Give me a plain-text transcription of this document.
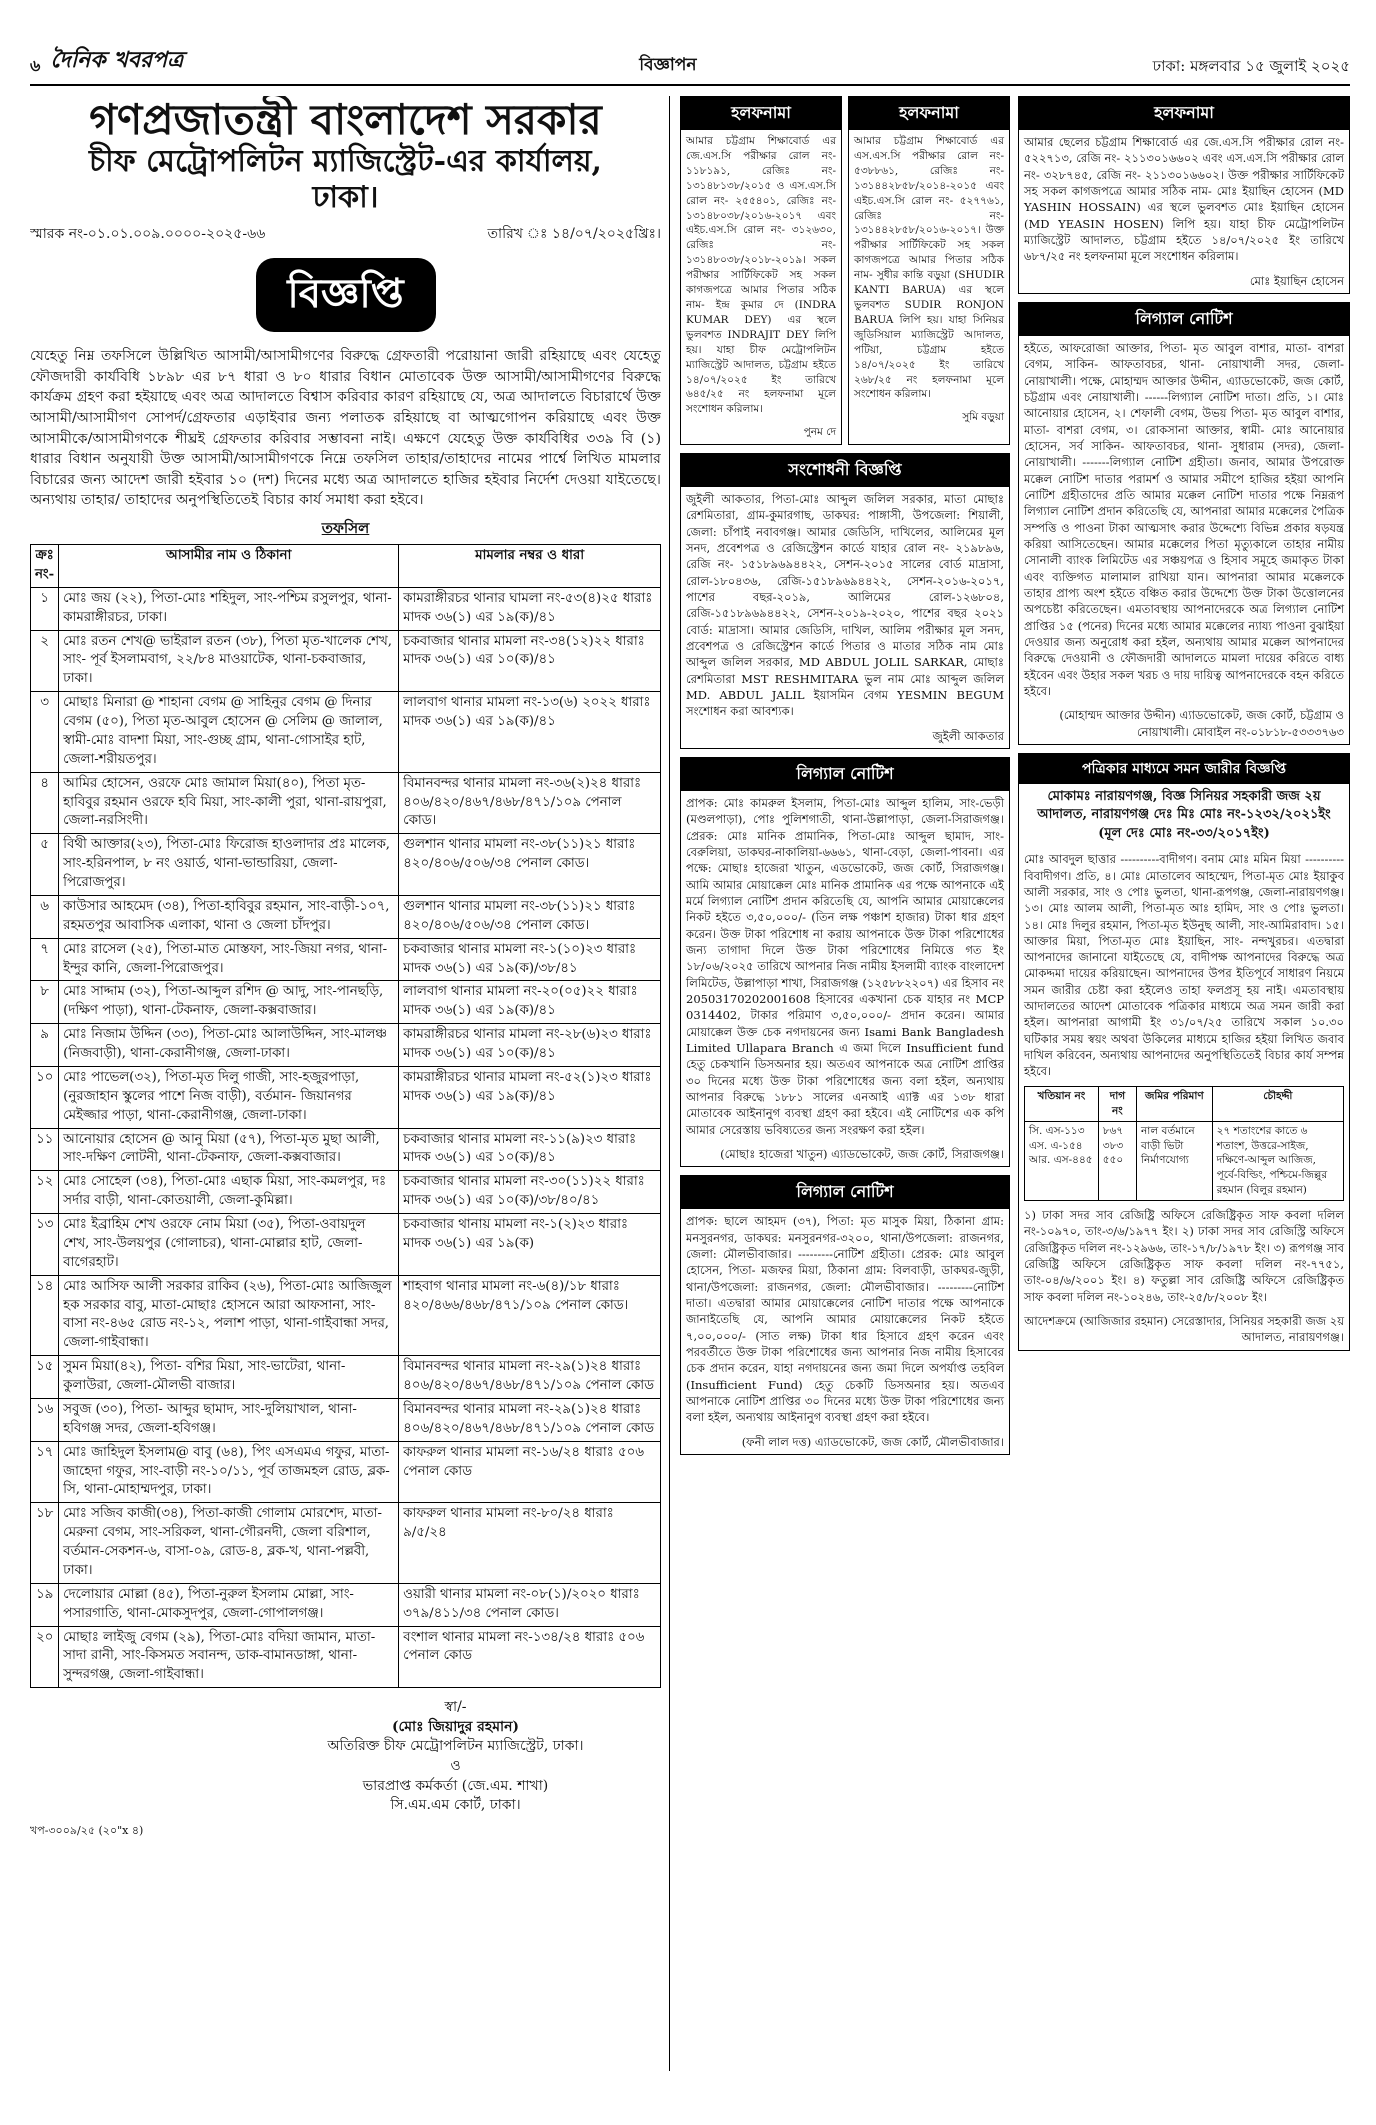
৬ দৈনিক খবরপত্র	বিজ্ঞাপন	ঢাকা: মঙ্গলবার ১৫ জুলাই ২০২৫
গণপ্রজাতন্ত্রী বাংলাদেশ সরকার
চীফ মেট্রোপলিটন ম্যাজিস্ট্রেট-এর কার্যালয়,
ঢাকা।
স্মারক নং-০১.০১.০০৯.০০০০-২০২৫-৬৬	তারিখ ঃ ১৪/০৭/২০২৫খ্রিঃ।
বিজ্ঞপ্তি
যেহেতু নিম্ন তফসিলে উল্লিখিত আসামী/আসামীগণের বিরুদ্ধে গ্রেফতারী পরোয়ানা জারী রহিয়াছে এবং যেহেতু ফৌজদারী কার্যবিধি ১৮৯৮ এর ৮৭ ধারা ও ৮০ ধারার বিধান মোতাবেক উক্ত আসামী/আসামীগণের বিরুদ্ধে কার্যক্রম গ্রহণ করা হইয়াছে এবং অত্র আদালতে বিশ্বাস করিবার কারণ রহিয়াছে যে, অত্র আদালতে বিচারার্থে উক্ত আসামী/আসামীগণ সোপর্দ/গ্রেফতার এড়াইবার জন্য পলাতক রহিয়াছে বা আত্মগোপন করিয়াছে এবং উক্ত আসামীকে/আসামীগণকে শীঘ্রই গ্রেফতার করিবার সম্ভাবনা নাই। এক্ষণে যেহেতু উক্ত কার্যবিধির ৩৩৯ বি (১) ধারার বিধান অনুযায়ী উক্ত আসামী/আসামীগণকে নিম্নে তফসিল তাহার/তাহাদের নামের পার্শ্বে লিখিত মামলার বিচারের জন্য আদেশ জারী হইবার ১০ (দশ) দিনের মধ্যে অত্র আদালতে হাজির হইবার নির্দেশ দেওয়া যাইতেছে। অন্যথায় তাহার/ তাহাদের অনুপস্থিতিতেই বিচার কার্য সমাধা করা হইবে।
তফসিল
ক্রঃ নং-	আসামীর নাম ও ঠিকানা	মামলার নম্বর ও ধারা
১	মোঃ জয় (২২), পিতা-মোঃ শহিদুল, সাং-পশ্চিম রসুলপুর, থানা-কামরাঙ্গীরচর, ঢাকা।	কামরাঙ্গীরচর থানার ঘামলা নং-৫৩(৪)২৫ ধারাঃ মাদক ৩৬(১) এর ১৯(ক)/৪১
২	মোঃ রতন শেখ@ ভাইরাল রতন (৩৮), পিতা মৃত-খালেক শেখ, সাং- পূর্ব ইসলামবাগ, ২২/৮৪ মাওয়াটেক, থানা-চকবাজার, ঢাকা।	চকবাজার থানার মামলা নং-৩৪(১২)২২ ধারাঃ মাদক ৩৬(১) এর ১০(ক)/৪১
৩	মোছাঃ মিনারা @ শাহানা বেগম @ সাহিনুর বেগম @ দিনার বেগম (৫০), পিতা মৃত-আবুল হোসেন @ সেলিম @ জালাল, স্বামী-মোঃ বাদশা মিয়া, সাং-গুচ্ছ গ্রাম, থানা-গোসাইর হাট, জেলা-শরীয়তপুর।	লালবাগ থানার মামলা নং-১৩(৬) ২০২২ ধারাঃ মাদক ৩৬(১) এর ১৯(ক)/৪১
৪	আমির হোসেন, ওরফে মোঃ জামাল মিয়া(৪০), পিতা মৃত-হাবিবুর রহমান ওরফে হবি মিয়া, সাং-কালী পুরা, থানা-রায়পুরা, জেলা-নরসিংদী।	বিমানবন্দর থানার মামলা নং-৩৬(২)২৪ ধারাঃ ৪০৬/৪২০/৪৬৭/৪৬৮/৪৭১/১০৯ পেনাল কোড।
৫	বিথী আক্তার(২৩), পিতা-মোঃ ফিরোজ হাওলাদার প্রঃ মালেক, সাং-হরিনপাল, ৮ নং ওয়ার্ড, থানা-ভান্ডারিয়া, জেলা-পিরোজপুর।	গুলশান থানার মামলা নং-৩৮(১১)২১ ধারাঃ ৪২০/৪০৬/৫০৬/৩৪ পেনাল কোড।
৬	কাউসার আহমেদ (৩৪), পিতা-হাবিবুর রহমান, সাং-বাড়ী-১০৭, রহমতপুর আবাসিক এলাকা, থানা ও জেলা চাঁদপুর।	গুলশান থানার মামলা নং-৩৮(১১)২১ ধারাঃ ৪২০/৪০৬/৫০৬/৩৪ পেনাল কোড।
৭	মোঃ রাসেল (২৫), পিতা-মাত মোস্তফা, সাং-জিয়া নগর, থানা-ইন্দুর কানি, জেলা-পিরোজপুর।	চকবাজার থানার মামলা নং-১(১০)২৩ ধারাঃ মাদক ৩৬(১) এর ১৯(ক)/৩৮/৪১
৮	মোঃ সাদ্দাম (৩২), পিতা-আব্দুল রশিদ @ আদু, সাং-পানছড়ি, (দক্ষিণ পাড়া), থানা-টেকনাফ, জেলা-কক্সবাজার।	লালবাগ থানার মামলা নং-২০(০৫)২২ ধারাঃ মাদক ৩৬(১) এর ১৯(ক)/৪১
৯	মোঃ নিজাম উদ্দিন (৩৩), পিতা-মোঃ আলাউদ্দিন, সাং-মালঞ্চ (নিজবাড়ী), থানা-কেরানীগঞ্জ, জেলা-ঢাকা।	কামরাঙ্গীরচর থানার মামলা নং-২৮(৬)২৩ ধারাঃ মাদক ৩৬(১) এর ১০(ক)/৪১
১০	মোঃ পাভেল(৩২), পিতা-মৃত দিলু গাজী, সাং-হজুরপাড়া, (নুরজাহান স্কুলের পাশে নিজ বাড়ী), বর্তমান- জিয়ানগর মেইজ্জার পাড়া, থানা-কেরানীগঞ্জ, জেলা-ঢাকা।	কামরাঙ্গীরচর থানার মামলা নং-৫২(১)২৩ ধারাঃ মাদক ৩৬(১) এর ১৯(ক)/৪১
১১	আনোয়ার হোসেন @ আনু মিয়া (৫৭), পিতা-মৃত মুছা আলী, সাং-দক্ষিণ লোটনী, থানা-টেকনাফ, জেলা-কক্সবাজার।	চকবাজার থানার মামলা নং-১১(৯)২৩ ধারাঃ মাদক ৩৬(১) এর ১০(ক)/৪১
১২	মোঃ সোহেল (৩৪), পিতা-মোঃ এছাক মিয়া, সাং-কমলপুর, দঃ সর্দার বাড়ী, থানা-কোতয়ালী, জেলা-কুমিল্লা।	চকবাজার থানার মামলা নং-৩০(১১)২২ ধারাঃ মাদক ৩৬(১) এর ১০(ক)/৩৮/৪০/৪১
১৩	মোঃ ইব্রাহিম শেখ ওরফে নোম মিয়া (৩৫), পিতা-ওবায়দুল শেখ, সাং-উলয়পুর (গোলাচর), থানা-মোল্লার হাট, জেলা-বাগেরহাট।	চকবাজার থানায় মামলা নং-১(২)২৩ ধারাঃ মাদক ৩৬(১) এর ১৯(ক)
১৪	মোঃ আসিফ আলী সরকার রাকিব (২৬), পিতা-মোঃ আজিজুল হক সরকার বাবু, মাতা-মোছাঃ হোসনে আরা আফসানা, সাং-বাসা নং-৪৬৫ রোড নং-১২, পলাশ পাড়া, থানা-গাইবান্ধা সদর, জেলা-গাইবান্ধা।	শাহবাগ থানার মামলা নং-৬(৪)/১৮ ধারাঃ ৪২০/৪৬৬/৪৬৮/৪৭১/১০৯ পেনাল কোড।
১৫	সুমন মিয়া(৪২), পিতা- বশির মিয়া, সাং-ভাটেরা, থানা-কুলাউরা, জেলা-মৌলভী বাজার।	বিমানবন্দর থানার মামলা নং-২৯(১)২৪ ধারাঃ ৪০৬/৪২০/৪৬৭/৪৬৮/৪৭১/১০৯ পেনাল কোড
১৬	সবুজ (৩০), পিতা- আব্দুর ছামাদ, সাং-দুলিয়াখাল, থানা- হবিগঞ্জ সদর, জেলা-হবিগঞ্জ।	বিমানবন্দর থানার মামলা নং-২৯(১)২৪ ধারাঃ ৪০৬/৪২০/৪৬৭/৪৬৮/৪৭১/১০৯ পেনাল কোড
১৭	মোঃ জাহিদুল ইসলাম@ বাবু (৬৪), পিং এসএমএ গফুর, মাতা-জাহেদা গফুর, সাং-বাড়ী নং-১০/১১, পূর্ব তাজমহল রোড, ব্লক-সি, থানা-মোহাম্মদপুর, ঢাকা।	কাফরুল থানার মামলা নং-১৬/২৪ ধারাঃ ৫০৬ পেনাল কোড
১৮	মোঃ সজিব কাজী(৩৪), পিতা-কাজী গোলাম মোরশেদ, মাতা-মেরুনা বেগম, সাং-সরিকল, থানা-গৌরনদী, জেলা বরিশাল, বর্তমান-সেকশন-৬, বাসা-০৯, রোড-৪, ব্লক-খ, থানা-পল্লবী, ঢাকা।	কাফরুল থানার মামলা নং-৮০/২৪ ধারাঃ ৯/৫/২৪
১৯	দেলোয়ার মোল্লা (৪৫), পিতা-নুরুল ইসলাম মোল্লা, সাং-পসারগাতি, থানা-মোকসুদপুর, জেলা-গোপালগঞ্জ।	ওয়ারী থানার মামলা নং-০৮(১)/২০২০ ধারাঃ ৩৭৯/৪১১/৩৪ পেনাল কোড।
২০	মোছাঃ লাইজু বেগম (২৯), পিতা-মোঃ বদিয়া জামান, মাতা-সাদা রানী, সাং-কিসমত সবানন্দ, ডাক-বামানডাঙ্গা, থানা-সুন্দরগঞ্জ, জেলা-গাইবান্ধা।	বংশাল থানার মামলা নং-১৩৪/২৪ ধারাঃ ৫০৬ পেনাল কোড
স্বা/-
(মোঃ জিয়াদুর রহমান)
অতিরিক্ত চীফ মেট্রোপলিটন ম্যাজিস্ট্রেট, ঢাকা।
ও
ভারপ্রাপ্ত কর্মকর্তা (জে.এম. শাখা)
সি.এম.এম কোর্ট, ঢাকা।
খপ-৩০০৯/২৫ (২০"x ৪)
হলফনামা
আমার চট্টগ্রাম শিক্ষাবোর্ড এর জে.এস.সি পরীক্ষার রোল নং- ১১৮১৯১, রেজিঃ নং- ১৩১৪৮১৩৮/২০১৫ ও এস.এস.সি রোল নং- ২৫৫৪০১, রেজিঃ নং- ১৩১৪৮০৩৮/২০১৬-২০১৭ এবং এইচ.এস.সি রোল নং- ৩১২৬৩০, রেজিঃ নং- ১৩১৪৮০৩৮/২০১৮-২০১৯। সকল পরীক্ষার সার্টিফিকেট সহ সকল কাগজপত্রে আমার পিতার সঠিক নাম- ইন্দ্র কুমার দে (INDRA KUMAR DEY) এর স্থলে ভুলবশত INDRAJIT DEY লিপি হয়। যাহা চীফ মেট্রোপলিটন ম্যাজিস্ট্রেট আদালত, চট্টগ্রাম হইতে ১৪/০৭/২০২৫ ইং তারিখে ৬৪৫/২৫ নং হলফনামা মূলে সংশোধন করিলাম।
পুনম দে
হলফনামা
আমার চট্টগ্রাম শিক্ষাবোর্ড এর এস.এস.সি পরীক্ষার রোল নং- ৫৩৮৮৬১, রেজিঃ নং- ১৩১৪৪২৮৫৮/২০১৪-২০১৫ এবং এইচ.এস.সি রোল নং- ৫২৭৭৬১, রেজিঃ নং- ১৩১৪৪২৮৫৮/২০১৬-২০১৭। উক্ত পরীক্ষার সার্টিফিকেট সহ সকল কাগজপত্রে আমার পিতার সঠিক নাম- সুধীর কান্তি বড়ুয়া (SHUDIR KANTI BARUA) এর স্থলে ভুলবশত SUDIR RONJON BARUA লিপি হয়। যাহা সিনিয়র জুডিসিয়াল ম্যাজিস্ট্রেট আদালত, পটিয়া, চট্টগ্রাম হইতে ১৪/০৭/২০২৫ ইং তারিখে ২৬৮/২৫ নং হলফনামা মূলে সংশোধন করিলাম।
সুমি বড়ুয়া
সংশোধনী বিজ্ঞপ্তি
জুইলী আকতার, পিতা-মোঃ আব্দুল জলিল সরকার, মাতা মোছাঃ রেশমিতারা, গ্রাম-কুমারগাছ, ডাকঘর: পাঙ্গাসী, উপজেলা: শিয়ালী, জেলা: চাঁপাই নবাবগঞ্জ। আমার জেডিসি, দাখিলের, আলিমের মূল সনদ, প্রবেশপত্র ও রেজিস্ট্রেশন কার্ডে যাহার রোল নং- ২১৯৮৯৬, রেজি নং- ১৫১৮৯৬৯৪৪২২, সেশন-২০১৫ সালের বোর্ড মাদ্রাসা, রোল-১৮০৪৩৬, রেজি-১৫১৮৯৬৯৪৪২২, সেশন-২০১৬-২০১৭, পাশের বছর-২০১৯, আলিমের রোল-১২৬৮০৪, রেজি-১৫১৮৯৬৯৪৪২২, সেশন-২০১৯-২০২০, পাশের বছর ২০২১ বোর্ড: মাদ্রাসা। আমার জেডিসি, দাখিল, আলিম পরীক্ষার মূল সনদ, প্রবেশপত্র ও রেজিস্ট্রেশন কার্ডে পিতার ও মাতার সঠিক নাম মোঃ আব্দুল জলিল সরকার, MD ABDUL JOLIL SARKAR, মোছাঃ রেশমিতারা MST RESHMITARA ভুল নাম মোঃ আব্দুল জলিল MD. ABDUL JALIL ইয়াসমিন বেগম YESMIN BEGUM সংশোধন করা আবশ্যক।
জুইলী আকতার
লিগ্যাল নোটিশ
প্রাপক: মোঃ কামরুল ইসলাম, পিতা-মোঃ আব্দুল হালিম, সাং-ভেড়ী (মণ্ডলপাড়া), পোঃ পুলিশগাতী, থানা-উল্লাপাড়া, জেলা-সিরাজগঞ্জ। প্রেরক: মোঃ মানিক প্রামানিক, পিতা-মোঃ আব্দুল ছামাদ, সাং-বেরুলিয়া, ডাকঘর-নাকালিয়া-৬৬৬১, থানা-বেড়া, জেলা-পাবনা। এর পক্ষে: মোছাঃ হাজেরা খাতুন, এডভোকেট, জজ কোর্ট, সিরাজগঞ্জ। আমি আমার মোয়াক্কেল মোঃ মানিক প্রামানিক এর পক্ষে আপনাকে এই মর্মে লিগ্যাল নোটিশ প্রদান করিতেছি যে, আপনি আমার মোয়াক্কেলের নিকট হইতে ৩,৫০,০০০/- (তিন লক্ষ পঞ্চাশ হাজার) টাকা ধার গ্রহণ করেন। উক্ত টাকা পরিশোধ না করায় আপনাকে উক্ত টাকা পরিশোধের জন্য তাগাদা দিলে উক্ত টাকা পরিশোধের নিমিত্তে গত ইং ১৮/০৬/২০২৫ তারিখে আপনার নিজ নামীয় ইসলামী ব্যাংক বাংলাদেশ লিমিটেড, উল্লাপাড়া শাখা, সিরাজগঞ্জ (১২৫৮৮২২০৭) এর হিসাব নং 20503170202001608 হিসাবের একখানা চেক যাহার নং MCP 0314402, টাকার পরিমাণ ৩,৫০,০০০/- প্রদান করেন। আমার মোয়াক্কেল উক্ত চেক নগদায়নের জন্য Isami Bank Bangladesh Limited Ullapara Branch এ জমা দিলে Insufficient fund হেতু চেকখানি ডিসঅনার হয়। অতএব আপনাকে অত্র নোটিশ প্রাপ্তির ৩০ দিনের মধ্যে উক্ত টাকা পরিশোধের জন্য বলা হইল, অন্যথায় আপনার বিরুদ্ধে ১৮৮১ সালের এনআই এ্যাক্ট এর ১৩৮ ধারা মোতাবেক আইনানুগ ব্যবস্থা গ্রহণ করা হইবে। এই নোটিশের এক কপি আমার সেরেস্তায় ভবিষ্যতের জন্য সংরক্ষণ করা হইল।
(মোছাঃ হাজেরা খাতুন) এ্যাডভোকেট, জজ কোর্ট, সিরাজগঞ্জ।
লিগ্যাল নোটিশ
প্রাপক: ছালে আহমদ (৩৭), পিতা: মৃত মাসুক মিয়া, ঠিকানা গ্রাম: মনসুরনগর, ডাকঘর: মনসুরনগর-৩২০০, থানা/উপজেলা: রাজনগর, জেলা: মৌলভীবাজার। ---------নোটিশ গ্রহীতা। প্রেরক: মোঃ আবুল হোসেন, পিতা- মজফর মিয়া, ঠিকানা গ্রাম: বিলবাড়ী, ডাকঘর-জুড়ী, থানা/উপজেলা: রাজনগর, জেলা: মৌলভীবাজার। ---------নোটিশ দাতা। এতদ্বারা আমার মোয়াক্কেলের নোটিশ দাতার পক্ষে আপনাকে জানাইতেছি যে, আপনি আমার মোয়াক্কেলের নিকট হইতে ৭,০০,০০০/- (সাত লক্ষ) টাকা ধার হিসাবে গ্রহণ করেন এবং পরবর্তীতে উক্ত টাকা পরিশোধের জন্য আপনার নিজ নামীয় হিসাবের চেক প্রদান করেন, যাহা নগদায়নের জন্য জমা দিলে অপর্যাপ্ত তহবিল (Insufficient Fund) হেতু চেকটি ডিসঅনার হয়। অতএব আপনাকে নোটিশ প্রাপ্তির ৩০ দিনের মধ্যে উক্ত টাকা পরিশোধের জন্য বলা হইল, অন্যথায় আইনানুগ ব্যবস্থা গ্রহণ করা হইবে।
(ফনী লাল দত্ত) এ্যাডভোকেট, জজ কোর্ট, মৌলভীবাজার।
হলফনামা
আমার ছেলের চট্টগ্রাম শিক্ষাবোর্ড এর জে.এস.সি পরীক্ষার রোল নং- ৫২২৭১৩, রেজি নং- ২১১৩০১৬৬০২ এবং এস.এস.সি পরীক্ষার রোল নং- ৩২৮৭৪৫, রেজি নং- ২১১৩০১৬৬০২। উক্ত পরীক্ষার সার্টিফিকেট সহ সকল কাগজপত্রে আমার সঠিক নাম- মোঃ ইয়াছিন হোসেন (MD YASHIN HOSSAIN) এর স্থলে ভুলবশত মোঃ ইয়াছিন হোসেন (MD YEASIN HOSEN) লিপি হয়। যাহা চীফ মেট্রোপলিটন ম্যাজিস্ট্রেট আদালত, চট্টগ্রাম হইতে ১৪/০৭/২০২৫ ইং তারিখে ৬৮৭/২৫ নং হলফনামা মূলে সংশোধন করিলাম।
মোঃ ইয়াছিন হোসেন
লিগ্যাল নোটিশ
হইতে, আফরোজা আক্তার, পিতা- মৃত আবুল বাশার, মাতা- বাশরা বেগম, সাকিন- আফতাবচর, থানা- নোয়াখালী সদর, জেলা- নোয়াখালী। পক্ষে, মোহাম্মদ আক্তার উদ্দীন, এ্যাডভোকেট, জজ কোর্ট, চট্টগ্রাম এবং নোয়াখালী। ------লিগ্যাল নোটিশ দাতা। প্রতি, ১। মোঃ আনোয়ার হোসেন, ২। শেফালী বেগম, উভয় পিতা- মৃত আবুল বাশার, মাতা- বাশরা বেগম, ৩। রোকসানা আক্তার, স্বামী- মোঃ আনোয়ার হোসেন, সর্ব সাকিন- আফতাবচর, থানা- সুধারাম (সদর), জেলা- নোয়াখালী। -------লিগ্যাল নোটিশ গ্রহীতা। জনাব, আমার উপরোক্ত মক্কেল নোটিশ দাতার পরামর্শ ও আমার সমীপে হাজির হইয়া আপনি নোটিশ গ্রহীতাদের প্রতি আমার মক্কেল নোটিশ দাতার পক্ষে নিম্নরূপ লিগ্যাল নোটিশ প্রদান করিতেছি যে, আপনারা আমার মক্কেলের পৈত্রিক সম্পত্তি ও পাওনা টাকা আত্মসাৎ করার উদ্দেশ্যে বিভিন্ন প্রকার ষড়যন্ত্র করিয়া আসিতেছেন। আমার মক্কেলের পিতা মৃত্যুকালে তাহার নামীয় সোনালী ব্যাংক লিমিটেড এর সঞ্চয়পত্র ও হিসাব সমূহে জমাকৃত টাকা এবং ব্যক্তিগত মালামাল রাখিয়া যান। আপনারা আমার মক্কেলকে তাহার প্রাপ্য অংশ হইতে বঞ্চিত করার উদ্দেশ্যে উক্ত টাকা উত্তোলনের অপচেষ্টা করিতেছেন। এমতাবস্থায় আপনাদেরকে অত্র লিগ্যাল নোটিশ প্রাপ্তির ১৫ (পনের) দিনের মধ্যে আমার মক্কেলের ন্যায্য পাওনা বুঝাইয়া দেওয়ার জন্য অনুরোধ করা হইল, অন্যথায় আমার মক্কেল আপনাদের বিরুদ্ধে দেওয়ানী ও ফৌজদারী আদালতে মামলা দায়ের করিতে বাধ্য হইবেন এবং উহার সকল খরচ ও দায় দায়িত্ব আপনাদেরকে বহন করিতে হইবে।
(মোহাম্মদ আক্তার উদ্দীন) এ্যাডভোকেট, জজ কোর্ট, চট্টগ্রাম ও নোয়াখালী। মোবাইল নং-০১৮১৮-৫৩৩৩৭৬৩
পত্রিকার মাধ্যমে সমন জারীর বিজ্ঞপ্তি
মোকামঃ নারায়ণগঞ্জ, বিজ্ঞ সিনিয়র সহকারী জজ ২য় আদালত, নারায়ণগঞ্জ দেঃ মিঃ মোঃ নং-১২৩২/২০২১ইং (মূল দেঃ মোঃ নং-৩৩/২০১৭ইং)
মোঃ আবদুল ছাত্তার ----------বাদীগণ। বনাম মোঃ মমিন মিয়া ----------বিবাদীগণ। প্রতি, ৪। মোঃ মোতালেব আহম্মেদ, পিতা-মৃত মোঃ ইয়াকুব আলী সরকার, সাং ও পোঃ ভুলতা, থানা-রূপগঞ্জ, জেলা-নারায়ণগঞ্জ। ১৩। মোঃ আলম আলী, পিতা-মৃত আঃ হামিদ, সাং ও পোঃ ভুলতা। ১৪। মোঃ দিলুর রহমান, পিতা-মৃত ইউনুছ আলী, সাং-আমিরাবাদ। ১৫। আক্তার মিয়া, পিতা-মৃত মোঃ ইয়াছিন, সাং- নন্দখুরচর। এতদ্বারা আপনাদের জানানো যাইতেছে যে, বাদীপক্ষ আপনাদের বিরুদ্ধে অত্র মোকদ্দমা দায়ের করিয়াছেন। আপনাদের উপর ইতিপূর্বে সাধারণ নিয়মে সমন জারীর চেষ্টা করা হইলেও তাহা ফলপ্রসূ হয় নাই। এমতাবস্থায় আদালতের আদেশ মোতাবেক পত্রিকার মাধ্যমে অত্র সমন জারী করা হইল। আপনারা আগামী ইং ৩১/০৭/২৫ তারিখে সকাল ১০.৩০ ঘটিকার সময় স্বয়ং অথবা উকিলের মাধ্যমে হাজির হইয়া লিখিত জবাব দাখিল করিবেন, অন্যথায় আপনাদের অনুপস্থিতিতেই বিচার কার্য সম্পন্ন হইবে।
খতিয়ান নং	দাগ নং	জমির পরিমাণ	চৌহদ্দী
সি. এস-১১৩ এস. এ-১৫৪ আর. এস-৪৪৫	৮৬৭ ৩৮৩ ৫৫০	নাল বর্তমানে বাড়ী ভিটা নির্মাণযোগ্য	২৭ শতাংশের কাতে ৬ শতাংশ, উত্তরে-সাইজ, দক্ষিণে-আব্দুল আজিজ, পূর্বে-বিল্ডিং, পশ্চিমে-জিল্লুর রহমান (বিলুর রহমান)
১) ঢাকা সদর সাব রেজিষ্ট্রি অফিসে রেজিষ্ট্রিকৃত সাফ কবলা দলিল নং-১০৯৭০, তাং-৩/৬/১৯৭৭ ইং। ২) ঢাকা সদর সাব রেজিস্ট্রি অফিসে রেজিষ্ট্রিকৃত দলিল নং-১২৯৬৬, তাং-১৭/৮/১৯৭৮ ইং। ৩) রূপগঞ্জ সাব রেজিষ্ট্রি অফিসে রেজিষ্ট্রিকৃত সাফ কবলা দলিল নং-৭৭৫১, তাং-০৪/৬/২০০১ ইং। ৪) ফতুল্লা সাব রেজিষ্ট্রি অফিসে রেজিষ্ট্রিকৃত সাফ কবলা দলিল নং-১০২৪৬, তাং-২৫/৮/২০০৮ ইং।
আদেশক্রমে (আজিজার রহমান) সেরেস্তাদার, সিনিয়র সহকারী জজ ২য় আদালত, নারায়ণগঞ্জ।
